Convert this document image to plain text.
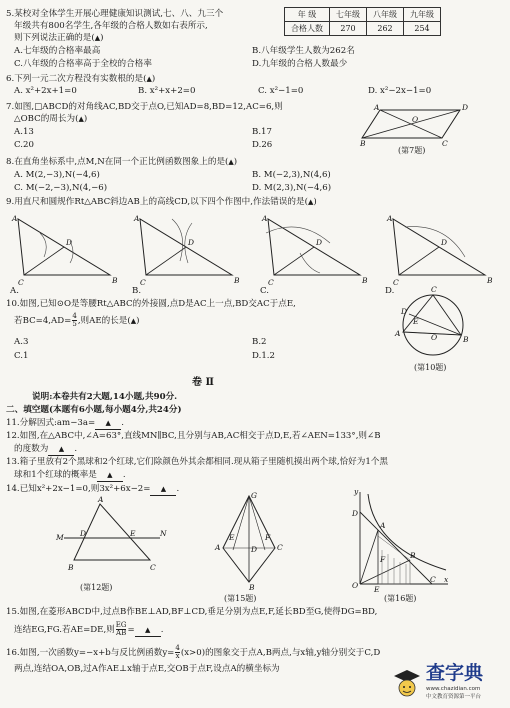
年 级	七年级	八年级	九年级
合格人数	270	262	254
5.某校对全体学生开展心理健康知识测试,七、八、九三个
年级共有800名学生,各年级的合格人数如右表所示,
则下列说法正确的是(▲)
A.七年级的合格率最高	B.八年级学生人数为262名
C.八年级的合格率高于全校的合格率	D.九年级的合格人数最少
6.下列一元二次方程没有实数根的是(▲)
A. x²+2x+1=0	B. x²+x+2=0	C. x²−1=0	D. x²−2x−1=0
7.如图,□ABCD的对角线AC,BD交于点O,已知AD=8,BD=12,AC=6,则
△OBC的周长为(▲)
A.13	B.17
C.20	D.26
A	D
B	C
O
(第7题)
8.在直角坐标系中,点M,N在同一个正比例函数图象上的是(▲)
A. M(2,−3),N(−4,6)	B. M(−2,3),N(4,6)
C. M(−2,−3),N(4,−6)	D. M(2,3),N(−4,6)
9.用直尺和圆规作Rt△ABC斜边AB上的高线CD,以下四个作图中,作法错误的是(▲)
A
D
C	B
A.
A
D
C	B
B.
A
D
C	B
C.
A
D
C	B
D.
10.如图,已知⊙O是等腰Rt△ABC的外接圆,点D是AC上一点,BD交AC于点E,
若$BC=4,AD= \frac{4}{5}$ ,则AE的长是(▲)
A.3	B.2
C.1	D.1.2
A
B
C
D
E
O
(第10题)
卷 Ⅱ
说明:本卷共有2大题,14小题,共90分.
二、填空题(本题有6小题,每小题4分,共24分)
11.分解因式:am−3a= ▲ .
12.如图,在△ABC中,∠A=63°,直线MN∥BC,且分别与AB,AC相交于点D,E,若∠AEN=133°,则∠B
的度数为 ▲ .
13.箱子里放有2个黑球和2个红球,它们除颜色外其余都相同.现从箱子里随机摸出两个球,恰好为1个黑
球和1个红球的概率是 ▲ .
14.已知x²+2x−1=0,则3x²+6x−2= ▲ .
A
M	N
D	E
B	C
(第12题)
G
A	C
D
E	F
B
(第15题)
y
x
A
B
D
C
O E
F
(第16题)
15.如图,在菱形ABCD中,过点B作BE⊥AD,BF⊥CD,垂足分别为点E,F,延长BD至G,使得DG=BD,
连结EG,FG.若AE=DE,则 $\frac{EG}{AB}$ = ▲ .
16.如图,一次函数y=−x+b与反比例函数$y= \frac{4}{x} (x>0)$的图象交于点A,B两点,与x轴,y轴分别交于C,D
两点,连结OA,OB,过A作AE⊥x轴于点E,交OB于点F,设点A的横坐标为	查字典
www.chazidian.com
中文教育资源第一平台
